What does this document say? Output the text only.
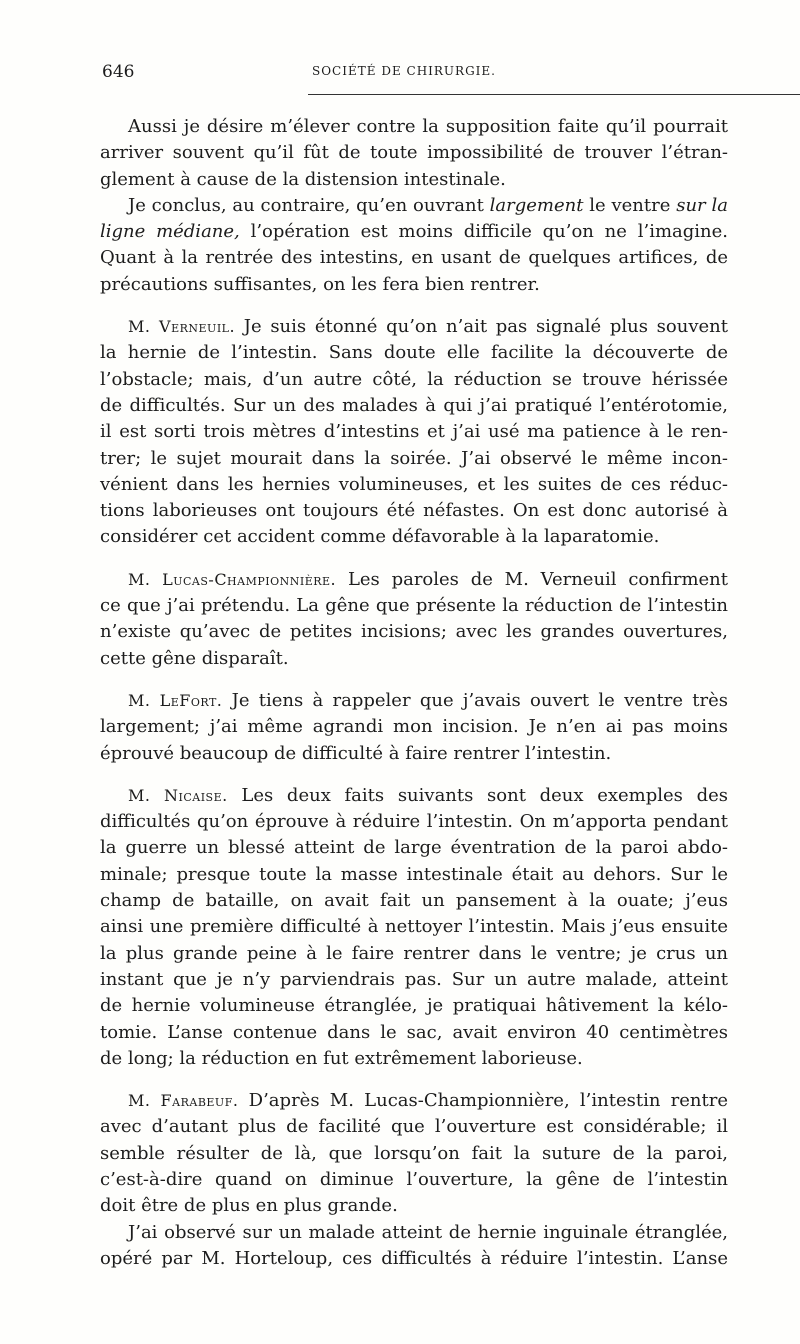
646	SOCIÉTÉ DE CHIRURGIE.
Aussi je désire m’élever contre la supposition faite qu’il pourrait
arriver souvent qu’il fût de toute impossibilité de trouver l’étran-
glement à cause de la distension intestinale.
Je conclus, au contraire, qu’en ouvrant largement le ventre sur la
ligne médiane, l’opération est moins difficile qu’on ne l’imagine.
Quant à la rentrée des intestins, en usant de quelques artifices, de
précautions suffisantes, on les fera bien rentrer.
M. Verneuil. Je suis étonné qu’on n’ait pas signalé plus souvent
la hernie de l’intestin. Sans doute elle facilite la découverte de
l’obstacle; mais, d’un autre côté, la réduction se trouve hérissée
de difficultés. Sur un des malades à qui j’ai pratiqué l’entérotomie,
il est sorti trois mètres d’intestins et j’ai usé ma patience à le ren-
trer; le sujet mourait dans la soirée. J’ai observé le même incon-
vénient dans les hernies volumineuses, et les suites de ces réduc-
tions laborieuses ont toujours été néfastes. On est donc autorisé à
considérer cet accident comme défavorable à la laparatomie.
M. Lucas-Championnière. Les paroles de M. Verneuil confirment
ce que j’ai prétendu. La gêne que présente la réduction de l’intestin
n’existe qu’avec de petites incisions; avec les grandes ouvertures,
cette gêne disparaît.
M. LeFort. Je tiens à rappeler que j’avais ouvert le ventre très
largement; j’ai même agrandi mon incision. Je n’en ai pas moins
éprouvé beaucoup de difficulté à faire rentrer l’intestin.
M. Nicaise. Les deux faits suivants sont deux exemples des
difficultés qu’on éprouve à réduire l’intestin. On m’apporta pendant
la guerre un blessé atteint de large éventration de la paroi abdo-
minale; presque toute la masse intestinale était au dehors. Sur le
champ de bataille, on avait fait un pansement à la ouate; j’eus
ainsi une première difficulté à nettoyer l’intestin. Mais j’eus ensuite
la plus grande peine à le faire rentrer dans le ventre; je crus un
instant que je n’y parviendrais pas. Sur un autre malade, atteint
de hernie volumineuse étranglée, je pratiquai hâtivement la kélo-
tomie. L’anse contenue dans le sac, avait environ 40 centimètres
de long; la réduction en fut extrêmement laborieuse.
M. Farabeuf. D’après M. Lucas-Championnière, l’intestin rentre
avec d’autant plus de facilité que l’ouverture est considérable; il
semble résulter de là, que lorsqu’on fait la suture de la paroi,
c’est-à-dire quand on diminue l’ouverture, la gêne de l’intestin
doit être de plus en plus grande.
J’ai observé sur un malade atteint de hernie inguinale étranglée,
opéré par M. Horteloup, ces difficultés à réduire l’intestin. L’anse
